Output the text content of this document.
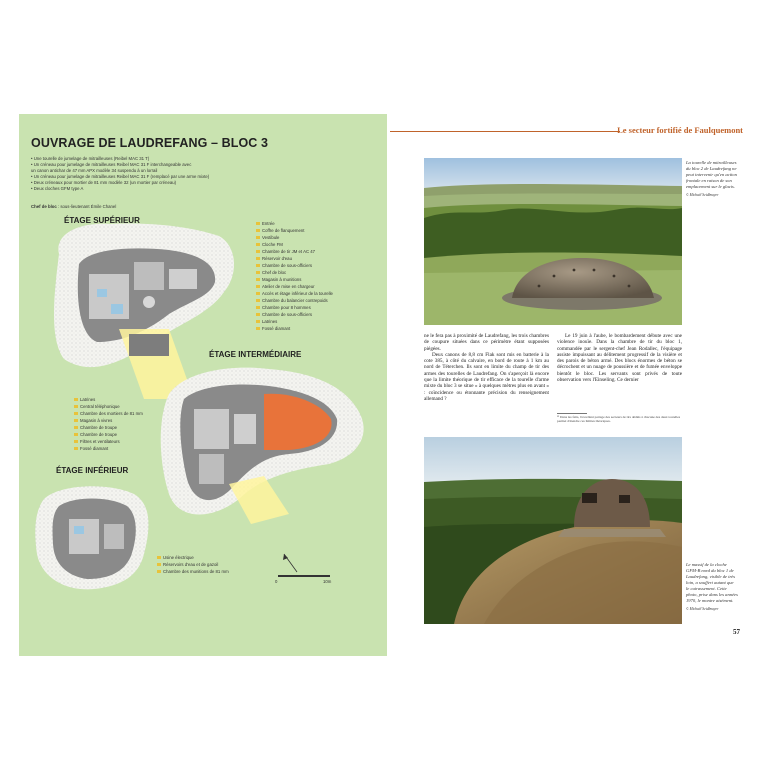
OUVRAGE DE LAUDREFANG – BLOC 3
• Une tourelle de jumelage de mitrailleuses (Reibel MAC 31 T)
• Un créneau pour jumelage de mitrailleuses Reibel MAC 31 F interchangeable avec
un canon antichar de 47 mm APX modèle 34 suspendu à un lorrail
• Un créneau pour jumelage de mitrailleuses Reibel MAC 31 F (remplacé par une arme mixte)
• Deux créneaux pour mortier de 81 mm modèle 32 (un mortier par créneau)
• Deux cloches GFM type A
Chef de bloc : sous-lieutenant Émile Chanel
ÉTAGE SUPÉRIEUR	Entrée
Coffre de flanquement
Vestibule
Cloche FM
Chambre de tir JM et AC 47
Réservoir d'eau
Chambre de sous-officiers
Chef de bloc
Magasin à munitions
Atelier de mise en chargeur
Accès et étage inférieur de la tourelle
Chambre du balancier contrepoids
Chambre pour 8 hommes
Chambre de sous-officiers
Latrines
Fossé diamant
ÉTAGE INTERMÉDIAIRE
Latrines
Central téléphonique
Chambre des mortiers de 81 mm
Magasin à vivres
Chambre de troupe
Chambre de troupe
Filtres et ventilateurs
Fossé diamant
ÉTAGE INFÉRIEUR
Usine électrique
Réservoirs d'eau et de gazoil
Chambre des munitions de 81 mm
0	10m
Le secteur fortifié de Faulquemont
La tourelle de mitrailleuses du bloc 2 de Laudrefang ne peut intervenir qu'en action frontale en raison de son emplacement sur le glacis.
© Michaël Seidlmayer

ne le fera pas à proximité de Laudrefang, les trois chambres de coupure situées dans ce périmètre étant supposées piégées.

Deux canons de 8,8 cm Flak sont mis en batterie à la cote 385, à côté du calvaire, en bord de route à 1 km au nord de Téterchen. Ils sont en limite du champ de tir des armes des tourelles de Laudrefang. On s'aperçoit là encore que la limite théorique de tir efficace de la tourelle d'arme mixte du bloc 3 se situe « à quelques mètres plus en avant » : coïncidence ou étonnante précision du renseignement allemand ?

Le 19 juin à l'aube, le bombardement débute avec une violence inouïe. Dans la chambre de tir du bloc 1, commandée par le sergent-chef Jean Rodallec, l'équipage assiste impuissant au délitement progressif de la visière et des parois de béton armé. Des blocs énormes de béton se décrochent et un nuage de poussière et de fumée enveloppe bientôt le bloc. Les servants sont privés de toute observation vers l'Einseling. Ce dernier

³⁵ Dans les faits, l'excellent partage des secteurs de tirs dédiés à chacune des deux tourelles permet d'étendre ces limites théoriques.
Le massif de la cloche GFM-B nord du bloc 1 de Laudrefang, visible de très loin, a souffert autant que le cuirassement. Cette photo, prise dans les années 1970, le montre aisément.
© Michaël Seidlmayer
57
